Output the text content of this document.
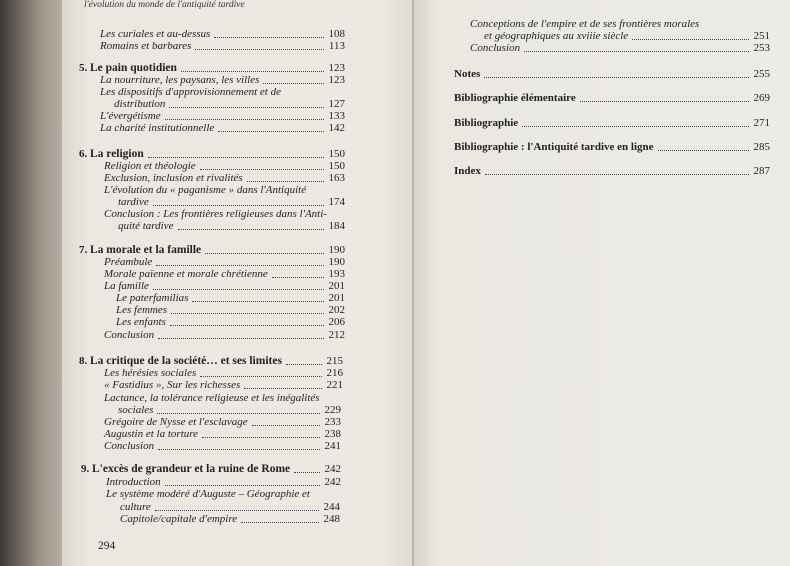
l'évolution du monde de l'antiquité tardive
Les curiales et au-dessus	108
Romains et barbares	113
5. Le pain quotidien	123
La nourriture, les paysans, les villes	123
Les dispositifs d'approvisionnement et de
distribution	127
L'évergétisme	133
La charité institutionnelle	142
6. La religion	150
Religion et théologie	150
Exclusion, inclusion et rivalités	163
L'évolution du « paganisme » dans l'Antiquité
tardive	174
Conclusion : Les frontières religieuses dans l'Anti-
quité tardive	184
7. La morale et la famille	190
Préambule	190
Morale païenne et morale chrétienne	193
La famille	201
Le paterfamilias	201
Les femmes	202
Les enfants	206
Conclusion	212
8. La critique de la société… et ses limites	215
Les hérésies sociales	216
« Fastidius », Sur les richesses	221
Lactance, la tolérance religieuse et les inégalités
sociales	229
Grégoire de Nysse et l'esclavage	233
Augustin et la torture	238
Conclusion	241
9. L'excès de grandeur et la ruine de Rome	242
Introduction	242
Le système modéré d'Auguste – Géographie et
culture	244
Capitole/capitale d'empire	248
294
Conceptions de l'empire et de ses frontières morales
et géographiques au xviiie siècle	251
Conclusion	253
Notes	255
Bibliographie élémentaire	269
Bibliographie	271
Bibliographie : l'Antiquité tardive en ligne	285
Index	287
